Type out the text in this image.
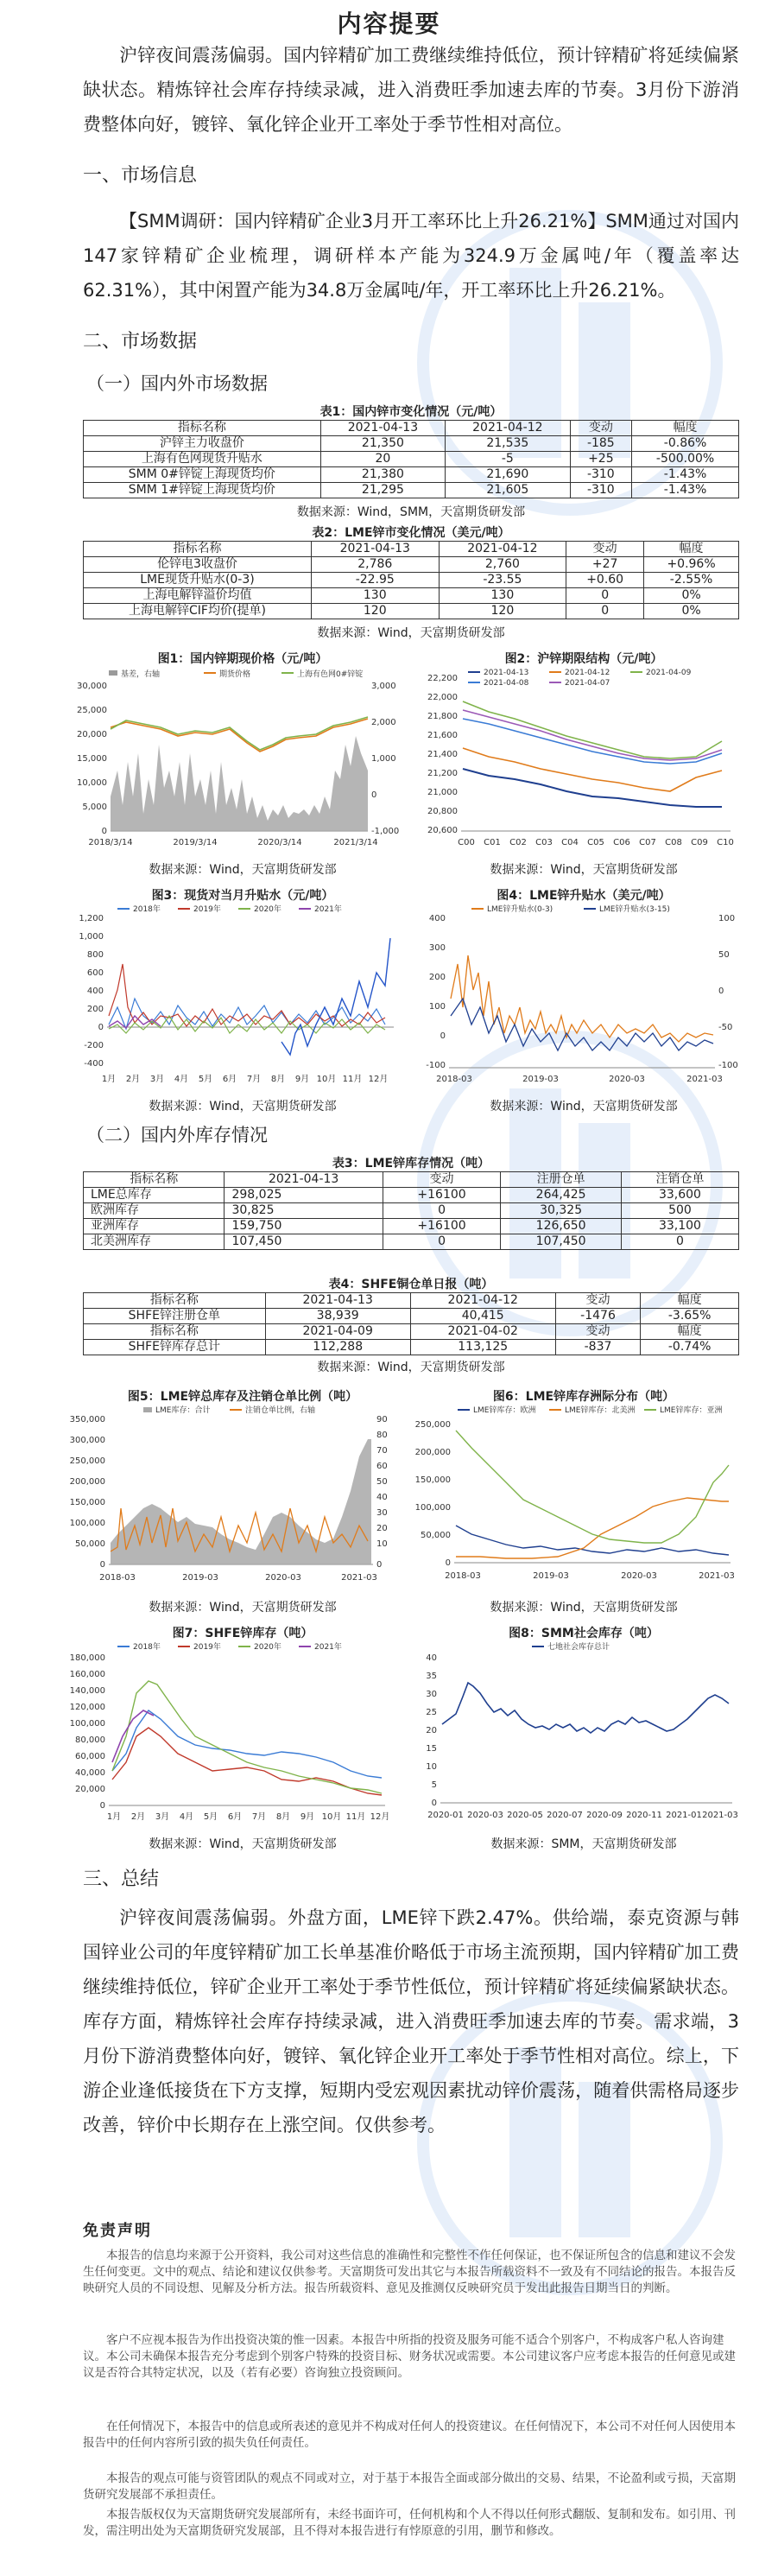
内容提要

沪锌夜间震荡偏弱。国内锌精矿加工费继续维持低位，预计锌精矿将延续偏紧缺状态。精炼锌社会库存持续录减，进入消费旺季加速去库的节奏。3月份下游消费整体向好，镀锌、氧化锌企业开工率处于季节性相对高位。

一、市场信息

【SMM调研：国内锌精矿企业3月开工率环比上升26.21%】SMM通过对国内147家锌精矿企业梳理，调研样本产能为324.9万金属吨/年（覆盖率达62.31%），其中闲置产能为34.8万金属吨/年，开工率环比上升26.21%。

二、市场数据
（一）国内外市场数据
表1：国内锌市变化情况（元/吨）
指标名称	2021-04-13	2021-04-12	变动	幅度
沪锌主力收盘价	21,350	21,535	-185	-0.86%
上海有色网现货升贴水	20	-5	+25	-500.00%
SMM 0#锌锭上海现货均价	21,380	21,690	-310	-1.43%
SMM 1#锌锭上海现货均价	21,295	21,605	-310	-1.43%
数据来源：Wind，SMM，天富期货研发部
表2：LME锌市变化情况（美元/吨）
指标名称	2021-04-13	2021-04-12	变动	幅度
伦锌电3收盘价	2,786	2,760	+27	+0.96%
LME现货升贴水(0-3)	-22.95	-23.55	+0.60	-2.55%
上海电解锌溢价均值	130	130	0	0%
上海电解锌CIF均价(提单)	120	120	0	0%
数据来源：Wind，天富期货研发部
图1：国内锌期现价格（元/吨）
基差，右轴	期货价格	上海有色网0#锌锭
30,000
25,000
20,000
15,000
10,000
5,000
0
3,000
2,000
1,000
0
-1,000
2018/3/14	2019/3/14	2020/3/14	2021/3/14
数据来源：Wind，天富期货研发部
图2：沪锌期限结构（元/吨）
2021-04-13	2021-04-12	2021-04-09
2021-04-08	2021-04-07
22,200
22,000
21,800
21,600
21,400
21,200
21,000
20,800
20,600
C00 C01 C02 C03 C04 C05 C06 C07 C08 C09 C10
数据来源：Wind，天富期货研发部
图3：现货对当月升贴水（元/吨）
2018年	2019年	2020年	2021年
1,200
1,000
800
600
400
200
0
-200
-400
1月 2月 3月 4月 5月 6月 7月 8月 9月 10月 11月 12月
数据来源：Wind，天富期货研发部
图4：LME锌升贴水（美元/吨）
LME锌升贴水(0-3)	LME锌升贴水(3-15)
400
300
200
100
0
-100
100
50
0
-50
-100
2018-03	2019-03	2020-03	2021-03
数据来源：Wind，天富期货研发部
（二）国内外库存情况
表3：LME锌库存情况（吨）
指标名称	2021-04-13	变动	注册仓单	注销仓单
LME总库存	298,025	+16100	264,425	33,600
欧洲库存	30,825	0	30,325	500
亚洲库存	159,750	+16100	126,650	33,100
北美洲库存	107,450	0	107,450	0
表4：SHFE铜仓单日报（吨）
指标名称	2021-04-13	2021-04-12	变动	幅度
SHFE锌注册仓单	38,939	40,415	-1476	-3.65%
指标名称	2021-04-09	2021-04-02	变动	幅度
SHFE锌库存总计	112,288	113,125	-837	-0.74%
数据来源：Wind，天富期货研发部
图5：LME锌总库存及注销仓单比例（吨）
LME库存：合计	注销仓单比例，右轴
350,000
300,000
250,000
200,000
150,000
100,000
50,000
0
90
80
70
60
50
40
30
20
10
0
2018-03	2019-03	2020-03	2021-03
数据来源：Wind，天富期货研发部
图6：LME锌库存洲际分布（吨）
LME锌库存：欧洲	LME锌库存：北美洲	LME锌库存：亚洲
250,000
200,000
150,000
100,000
50,000
0
2018-03	2019-03	2020-03	2021-03
数据来源：Wind，天富期货研发部
图7：SHFE锌库存（吨）
2018年	2019年	2020年	2021年
180,000
160,000
140,000
120,000
100,000
80,000
60,000
40,000
20,000
0
1月 2月 3月 4月 5月 6月 7月 8月 9月 10月 11月 12月
数据来源：Wind，天富期货研发部
图8：SMM社会库存（吨）
七地社会库存总计
40
35
30
25
20
15
10
5
0
2020-01 2020-03 2020-05 2020-07 2020-09 2020-11 2021-01 2021-03
数据来源：SMM，天富期货研发部
三、总结

沪锌夜间震荡偏弱。外盘方面，LME锌下跌2.47%。供给端，泰克资源与韩国锌业公司的年度锌精矿加工长单基准价略低于市场主流预期，国内锌精矿加工费继续维持低位，锌矿企业开工率处于季节性低位，预计锌精矿将延续偏紧缺状态。库存方面，精炼锌社会库存持续录减，进入消费旺季加速去库的节奏。需求端，3月份下游消费整体向好，镀锌、氧化锌企业开工率处于季节性相对高位。综上，下游企业逢低接货在下方支撑，短期内受宏观因素扰动锌价震荡，随着供需格局逐步改善，锌价中长期存在上涨空间。仅供参考。

免责声明

本报告的信息均来源于公开资料，我公司对这些信息的准确性和完整性不作任何保证，也不保证所包含的信息和建议不会发生任何变更。文中的观点、结论和建议仅供参考。天富期货可发出其它与本报告所载资料不一致及有不同结论的报告。本报告反映研究人员的不同设想、见解及分析方法。报告所载资料、意见及推测仅反映研究员于发出此报告日期当日的判断。

客户不应视本报告为作出投资决策的惟一因素。本报告中所指的投资及服务可能不适合个别客户，不构成客户私人咨询建议。本公司未确保本报告充分考虑到个别客户特殊的投资目标、财务状况或需要。本公司建议客户应考虑本报告的任何意见或建议是否符合其特定状况，以及（若有必要）咨询独立投资顾问。

在任何情况下，本报告中的信息或所表述的意见并不构成对任何人的投资建议。在任何情况下，本公司不对任何人因使用本报告中的任何内容所引致的损失负任何责任。

本报告的观点可能与资管团队的观点不同或对立，对于基于本报告全面或部分做出的交易、结果，不论盈利或亏损，天富期货研究发展部不承担责任。

本报告版权仅为天富期货研究发展部所有，未经书面许可，任何机构和个人不得以任何形式翻版、复制和发布。如引用、刊发，需注明出处为天富期货研究发展部，且不得对本报告进行有悖原意的引用，删节和修改。
